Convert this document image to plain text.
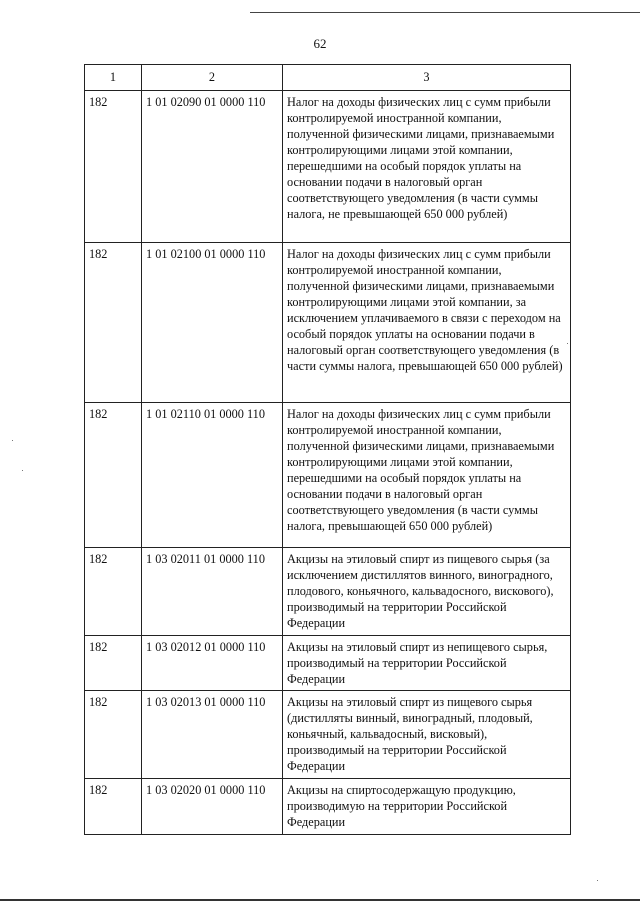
62
1	2	3
182	1 01 02090 01 0000 110	Налог на доходы физических лиц с сумм прибыли контролируемой иностранной компании, полученной физическими лицами, признаваемыми контролирующими лицами этой компании, перешедшими на особый порядок уплаты на основании подачи в налоговый орган соответствующего уведомления (в части суммы налога, не превышающей 650 000 рублей)
182	1 01 02100 01 0000 110	Налог на доходы физических лиц с сумм прибыли контролируемой иностранной компании, полученной физическими лицами, признаваемыми контролирующими лицами этой компании, за исключением уплачиваемого в связи с переходом на особый порядок уплаты на основании подачи в налоговый орган соответствующего уведомления (в части суммы налога, превышающей 650 000 рублей)
182	1 01 02110 01 0000 110	Налог на доходы физических лиц с сумм прибыли контролируемой иностранной компании, полученной физическими лицами, признаваемыми контролирующими лицами этой компании, перешедшими на особый порядок уплаты на основании подачи в налоговый орган соответствующего уведомления (в части суммы налога, превышающей 650 000 рублей)
182	1 03 02011 01 0000 110	Акцизы на этиловый спирт из пищевого сырья (за исключением дистиллятов винного, виноградного, плодового, коньячного, кальвадосного, вискового), производимый на территории Российской Федерации
182	1 03 02012 01 0000 110	Акцизы на этиловый спирт из непищевого сырья, производимый на территории Российской Федерации
182	1 03 02013 01 0000 110	Акцизы на этиловый спирт из пищевого сырья (дистилляты винный, виноградный, плодовый, коньячный, кальвадосный, висковый), производимый на территории Российской Федерации
182	1 03 02020 01 0000 110	Акцизы на спиртосодержащую продукцию, производимую на территории Российской Федерации
